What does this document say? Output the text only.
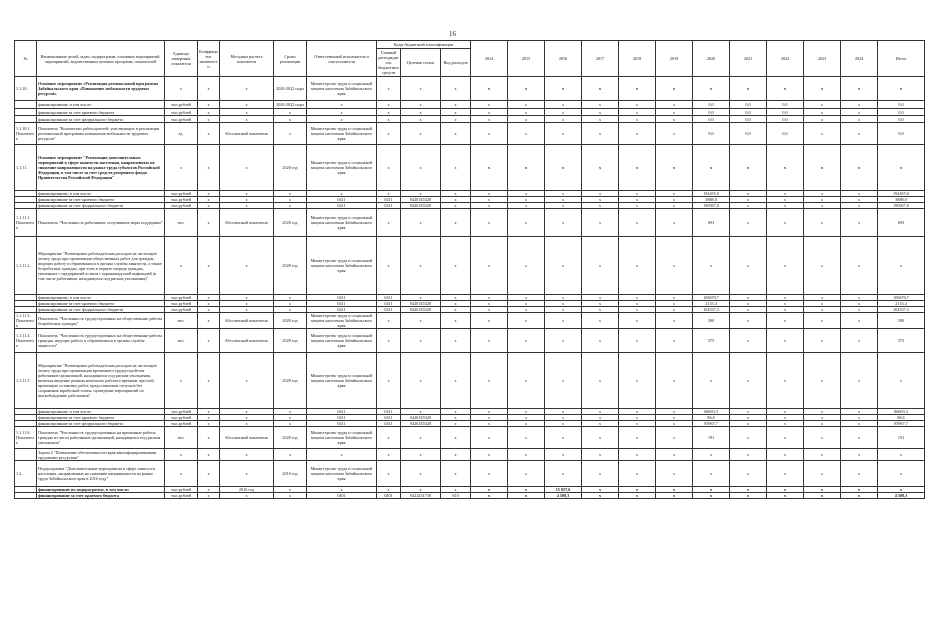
16
№	Наименование целей, задач, подпрограмм, основных мероприятий, мероприятий, ведомственных целевых программ, показателей	Единица измерения показателя	Коэффициент значимости	Методика расчета показателя	Сроки реализации	Ответственный исполнитель и соисполнители	Коды бюджетной классификации			2014	2015	2016	2017	2018	2019	2020	2021	2022	2023	2024	Итого
							Главный распорядитель бюджетных средств	Целевая статья	Вид расходов												
1.1.10.	Основное мероприятие «Реализация региональной программы Забайкальского края «Повышение мобильности трудовых ресурсов»	х	х	х	2020-2022 годы	Министерство труда и социальной защиты населения Забайкальского края	х	х	х	х	х	х	х	х	х	х	х	х	х	х	х
	финансирование, в том числе:	тыс.рублей	х	х	2020-2022 годы	х	х	х	х	х	х	х	х	х	х	0,0	0,0	0,0	х	х	0,0
	финансирование за счет краевого бюджета	тыс.рублей	х	х	х	х	х	х	х	х	х	х	х	х	х	0,0	0,0	0,0	х	х	0,0
	финансирование за счет федерального бюджета	тыс.рублей	х	х	х	х	х	х	х	х	х	х	х	х	х	0,0	0,0	0,0	х	х	0,0
1.1.10.1. Показатель	Показатель "Количество работодателей, участвующих в реализации региональной программы повышения мобильности трудовых ресурсов"	ед.	х	Абсолютный показатель	х	Министерство труда и социальной защиты населения Забайкальского края	х	х	х	х	х	х	х	х	х	0,0	0,0	0,0	х	х	0,0
1.1.11.	Основное мероприятие "Реализация дополнительных мероприятий в сфере занятости населения, направленных на снижение напряженности на рынке труда субъектов Российской Федерации, в том числе за счет средств резервного фонда Правительства Российской Федерации"	х	х	х	2020 год	Министерство труда и социальной защиты населения Забайкальского края	х	х	х	х	х	х	х	х	х	х	х	х	х	х	х
	финансирование, в том числе:	тыс.рублей	х	х	х	х	х	х	х	х	х	х	х	х	х	194455,0	х	х	х	х	194455,0
	финансирование за счет краевого бюджета	тыс.рублей	х	х	х	0411	0411	04201Б5320	х	х	х	х	х	х	х	3888,0	х	х	х	х	3888,0
	финансирование за счет федерального бюджета	тыс.рублей	х	х	х	0411	0411	04201Б5320	х	х	х	х	х	х	х	190567,0	х	х	х	х	190567,0
1.1.11.1. Показатель	Показатель "Численность работников, получивших меры поддержки"	чел.	х	Абсолютный показатель	2020 год	Министерство труда и социальной защиты населения Забайкальского края	х	х	х	х	х	х	х	х	х	693	х	х	х	х	693
1.1.11.2.	Мероприятие "Возмещение работодателям расходов на частичную оплату труда при организации общественных работ для граждан, ищущих работу и обратившихся в органы службы занятости, а также безработных граждан, при этом в первую очередь граждан, уволенных с предприятий в связи с коронавирусной инфекцией (в том числе работников, находящихся под риском увольнения)"	х	х	х	2020 год	Министерство труда и социальной защиты населения Забайкальского края	х	х	х	х	х	х	х	х	х	х	х	х	х	х	х
	финансирование, в том числе:	тыс.рублей	х	х	х	0411	0411	х	х	х	х	х	х	х	х	106670,7	х	х	х	х	106670,7
	финансирование за счет краевого бюджета	тыс.рублей	х	х	х	0411	0411	04201Б5320	х	х	х	х	х	х	х	2133,4	х	х	х	х	2133,4
	финансирование за счет федерального бюджета	тыс.рублей	х	х	х	0411	0411	04201Б5320	х	х	х	х	х	х	х	104537,3	х	х	х	х	104537,3
1.1.11.3. Показатель	Показатель "Численность трудоустроенных на общественные работы безработных граждан"	чел.	х	Абсолютный показатель	2020 год	Министерство труда и социальной защиты населения Забайкальского края	х	х	х	х	х	х	х	х	х	390	х	х	х	х	390
1.1.11.4. Показатель	Показатель "Численность трудоустроенных на общественные работы граждан, ищущих работу и обратившихся в органы службы занятости"	чел.	х	Абсолютный показатель	2020 год	Министерство труда и социальной защиты населения Забайкальского края	х	х	х	х	х	х	х	х	х	375	х	х	х	х	375
1.1.11.5.	Мероприятие "Возмещение работодателям расходов на частичную оплату труда при организации временного трудоустройства работников организаций, находящихся под риском увольнения, включая введение режима неполного рабочего времени, простой, временную остановку работ, предоставление отпусков без сохранения заработной платы, проведение мероприятий по высвобождению работников"	х	х	х	2020 год	Министерство труда и социальной защиты населения Забайкальского края	х	х	х	х	х	х	х	х	х	х	х	х	х	х	х
	финансирование, в том числе:	тыс.рублей	х	х	х	0411	0411	х	х	х	х	х	х	х	х	86693,3	х	х	х	х	86693,3
	финансирование за счет краевого бюджета	тыс.рублей	х	х	х	0411	0411	04201Б5320	х	х	х	х	х	х	х	86,6	х	х	х	х	86,6
	финансирование за счет федерального бюджета	тыс.рублей	х	х	х	0411	0411	04201Б5320	х	х	х	х	х	х	х	85967,7	х	х	х	х	85967,7
1.1.11.6. Показатель	Показатель "Численность трудоустроенных на временные работы граждан из числа работников организаций, находящихся под риском увольнения"	чел.	х	Абсолютный показатель	2020 год	Министерство труда и социальной защиты населения Забайкальского края	х	х	х	х	х	х	х	х	х	191	х	х	х	х	191
	Задача 2 "Повышение обеспеченности края квалифицированными трудовыми ресурсами"	х	х	х	х	х	х	х	х	х	х	х	х	х	х	х	х	х	х	х	х
1.2.	Подпрограмма "Дополнительные мероприятия в сфере занятости населения, направленные на снижение напряженности на рынке труда Забайкальского края в 2016 году"	х	х	х	2016 год	Министерство труда и социальной защиты населения Забайкальского края	х	х	х	х	х	х	х	х	х	х	х	х	х	х	х
	финансирование по подпрограмме, в том числе:	тыс.рублей	х	2016 год	х	х	х	х	х	х	х	15 827,6	х	х	х	х	х	х	х	х	х
	финансирование за счет краевого бюджета	тыс.рублей	х	х	х	0401	0401	0422431730	810	х	х	4 508,3	х	х	х	х	х	х	х	х	4 508,3
